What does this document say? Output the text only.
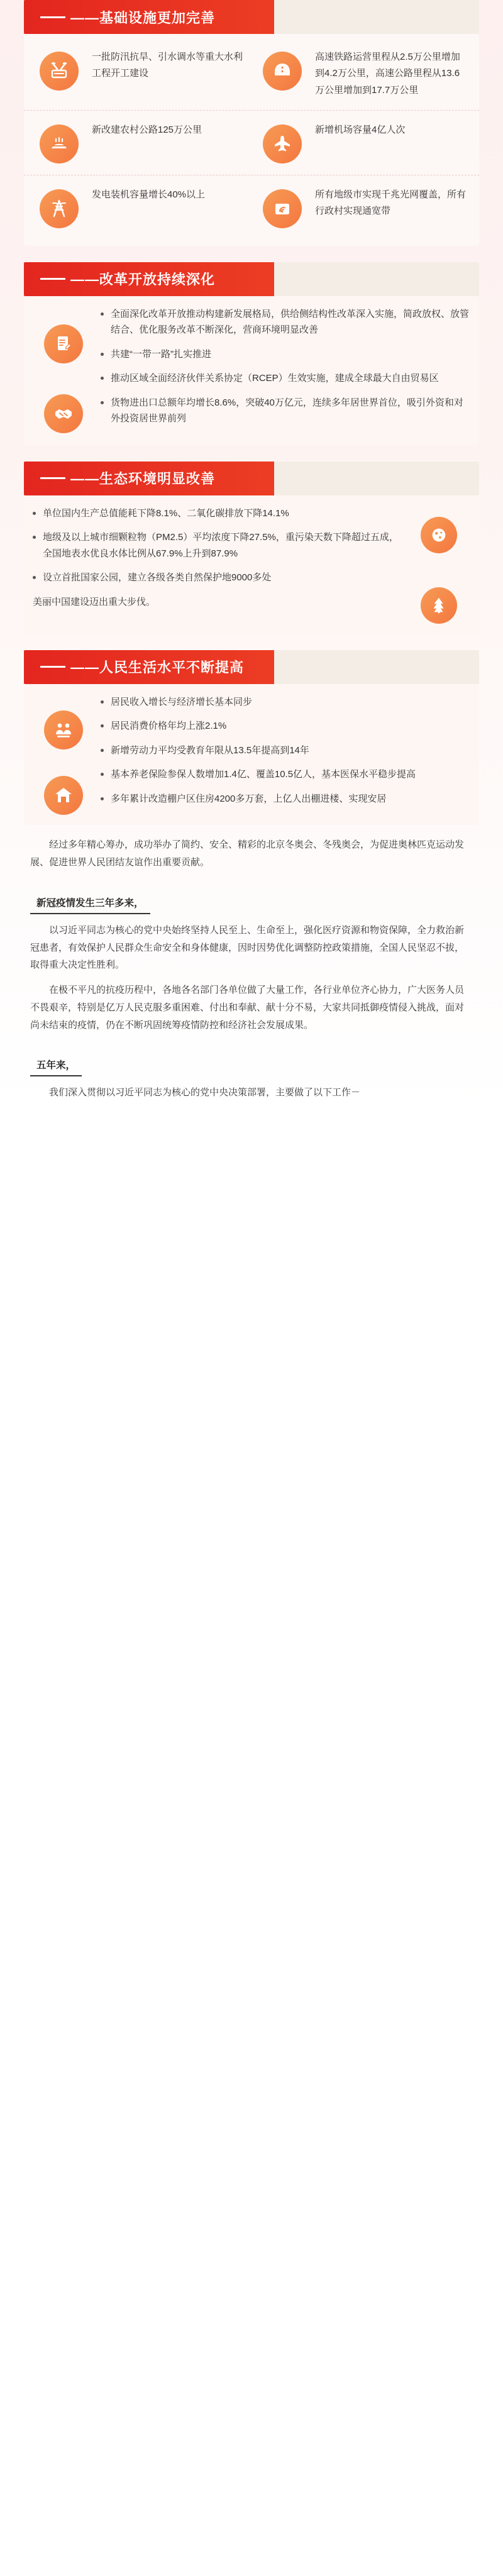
——基础设施更加完善
一批防汛抗旱、引水调水等重大水利工程开工建设
高速铁路运营里程从2.5万公里增加到4.2万公里，高速公路里程从13.6万公里增加到17.7万公里
新改建农村公路125万公里	新增机场容量4亿人次
发电装机容量增长40%以上	所有地级市实现千兆光网覆盖，所有行政村实现通宽带
——改革开放持续深化
全面深化改革开放推动构建新发展格局，供给侧结构性改革深入实施，简政放权、放管结合、优化服务改革不断深化，营商环境明显改善
共建“一带一路”扎实推进
推动区域全面经济伙伴关系协定（RCEP）生效实施，建成全球最大自由贸易区
货物进出口总额年均增长8.6%，突破40万亿元，连续多年居世界首位，吸引外资和对外投资居世界前列
——生态环境明显改善
单位国内生产总值能耗下降8.1%、二氧化碳排放下降14.1%
地级及以上城市细颗粒物（PM2.5）平均浓度下降27.5%，重污染天数下降超过五成，全国地表水优良水体比例从67.9%上升到87.9%
设立首批国家公园，建立各级各类自然保护地9000多处
美丽中国建设迈出重大步伐。
——人民生活水平不断提高
居民收入增长与经济增长基本同步
居民消费价格年均上涨2.1%
新增劳动力平均受教育年限从13.5年提高到14年
基本养老保险参保人数增加1.4亿、覆盖10.5亿人，基本医保水平稳步提高
多年累计改造棚户区住房4200多万套，上亿人出棚进楼、实现安居

经过多年精心筹办，成功举办了简约、安全、精彩的北京冬奥会、冬残奥会，为促进奥林匹克运动发展、促进世界人民团结友谊作出重要贡献。

新冠疫情发生三年多来，

以习近平同志为核心的党中央始终坚持人民至上、生命至上，强化医疗资源和物资保障，全力救治新冠患者，有效保护人民群众生命安全和身体健康，因时因势优化调整防控政策措施，全国人民坚忍不拔，取得重大决定性胜利。

在极不平凡的抗疫历程中，各地各名部门各单位做了大量工作，各行业单位齐心协力，广大医务人员不畏艰辛，特别是亿万人民克服多重困难、付出和奉献、献十分不易，大家共同抵御疫情侵入挑战，面对尚未结束的疫情，仍在不断巩固统筹疫情防控和经济社会发展成果。

五年来，

我们深入贯彻以习近平同志为核心的党中央决策部署，主要做了以下工作－
